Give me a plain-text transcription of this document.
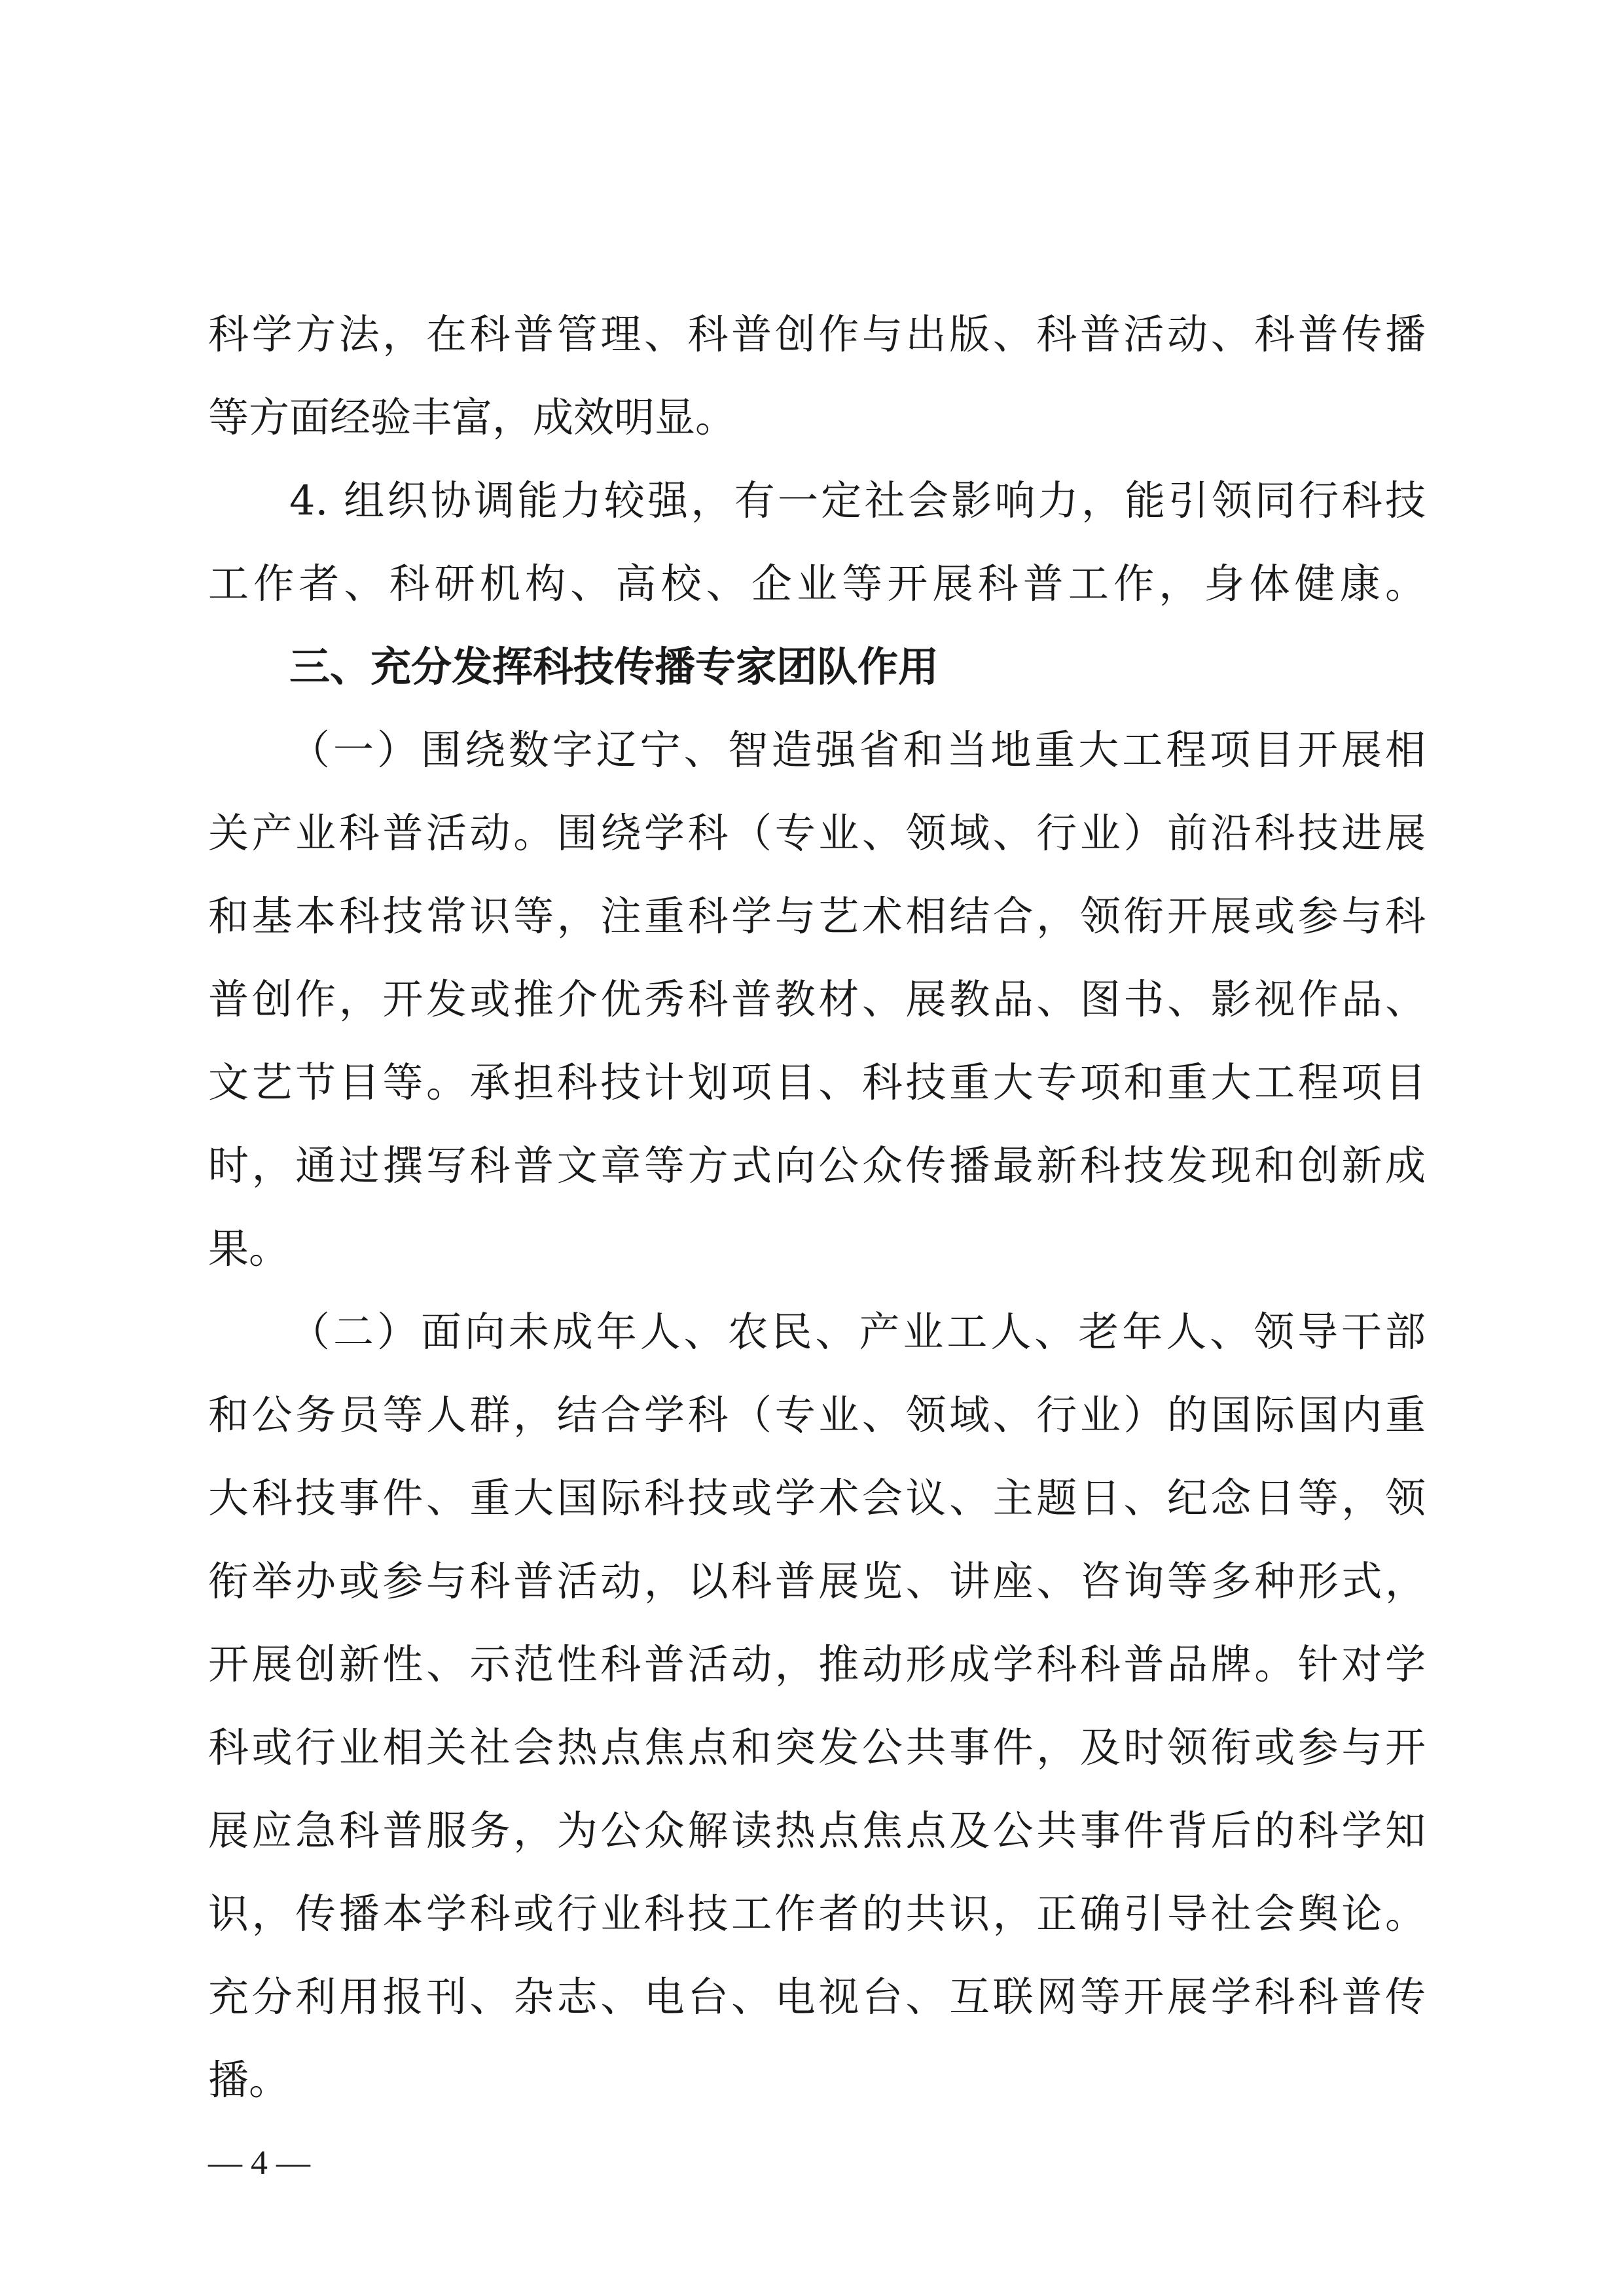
科学方法，在科普管理、科普创作与出版、科普活动、科普传播
等方面经验丰富，成效明显。
4. 组织协调能力较强，有一定社会影响力，能引领同行科技
工作者、科研机构、高校、企业等开展科普工作，身体健康。
三、充分发挥科技传播专家团队作用
（一）围绕数字辽宁、智造强省和当地重大工程项目开展相
关产业科普活动。围绕学科（专业、领域、行业）前沿科技进展
和基本科技常识等，注重科学与艺术相结合，领衔开展或参与科
普创作，开发或推介优秀科普教材、展教品、图书、影视作品、
文艺节目等。承担科技计划项目、科技重大专项和重大工程项目
时，通过撰写科普文章等方式向公众传播最新科技发现和创新成
果。
（二）面向未成年人、农民、产业工人、老年人、领导干部
和公务员等人群，结合学科（专业、领域、行业）的国际国内重
大科技事件、重大国际科技或学术会议、主题日、纪念日等，领
衔举办或参与科普活动，以科普展览、讲座、咨询等多种形式，
开展创新性、示范性科普活动，推动形成学科科普品牌。针对学
科或行业相关社会热点焦点和突发公共事件，及时领衔或参与开
展应急科普服务，为公众解读热点焦点及公共事件背后的科学知
识，传播本学科或行业科技工作者的共识，正确引导社会舆论。
充分利用报刊、杂志、电台、电视台、互联网等开展学科科普传
播。
— 4 —
